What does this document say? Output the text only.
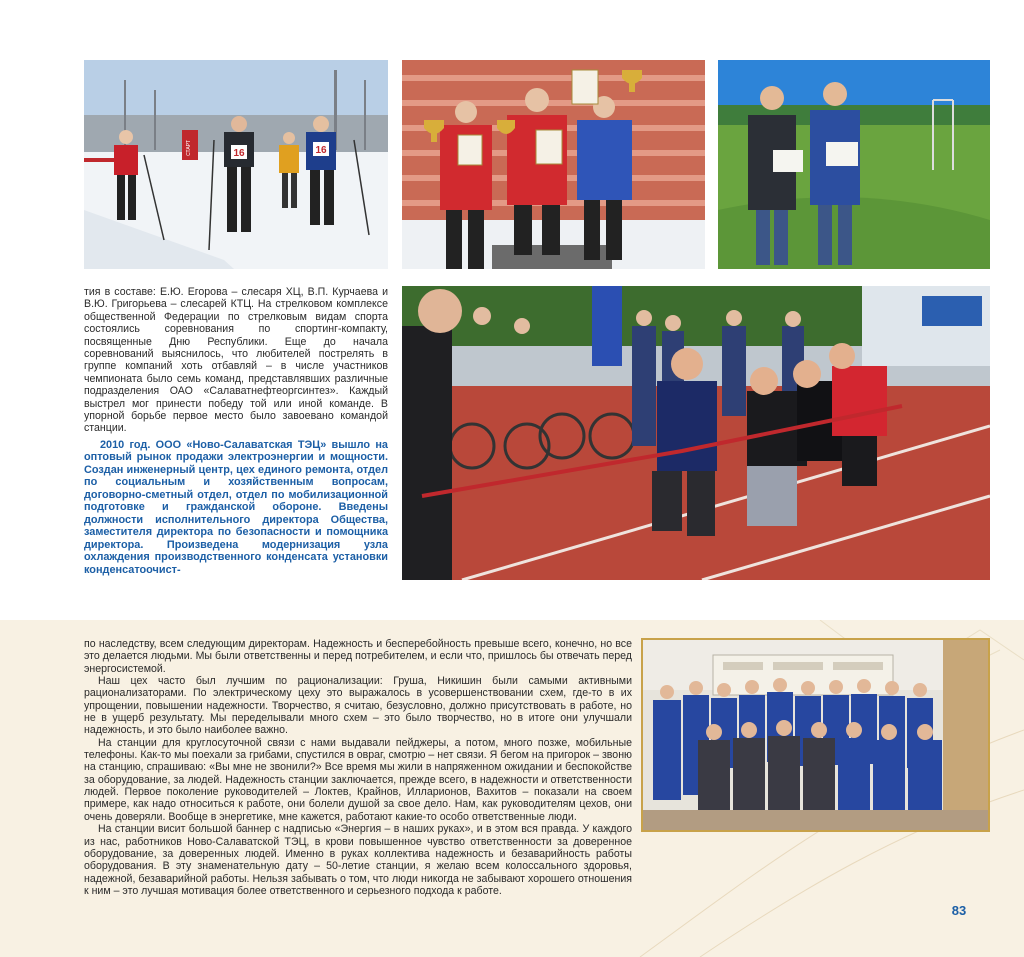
16	16
СТАРТ

тия в составе: Е.Ю. Егорова – слесаря ХЦ, В.П. Курчаева и В.Ю. Григорьева – слесарей КТЦ. На стрелковом комплексе общественной Федерации по стрелковым видам спорта состоялись соревнования по спортинг-компакту, посвященные Дню Республики. Еще до начала соревнований выяснилось, что любителей пострелять в группе компаний хоть отбавляй – в числе участников чемпионата было семь команд, представлявших различные подразделения ОАО «Салаватнефтеоргсинтез». Каждый выстрел мог принести победу той или иной команде. В упорной борьбе первое место было завоевано командой станции.

2010 год. ООО «Ново-Салаватская ТЭЦ» вышло на оптовый рынок продажи электроэнергии и мощности. Создан инженерный центр, цех единого ремонта, отдел по социальным и хозяйственным вопросам, договорно-сметный отдел, отдел по мобилизационной подготовке и гражданской обороне. Введены должности исполнительного директора Общества, заместителя директора по безопасности и помощника директора. Произведена модернизация узла охлаждения производственного конденсата установки конденсатоочист-

по наследству, всем следующим директорам. Надежность и бесперебойность превыше всего, конечно, но все это делается людьми. Мы были ответственны и перед потребителем, и если что, пришлось бы отвечать перед энергосистемой.

Наш цех часто был лучшим по рационализации: Груша, Никишин были самыми активными рационализаторами. По электрическому цеху это выражалось в усовершенствовании схем, где-то в их упрощении, повышении надежности. Творчество, я считаю, безусловно, должно присутствовать в работе, но не в ущерб результату. Мы переделывали много схем – это было творчество, но в итоге они улучшали надежность, и это было наиболее важно.

На станции для круглосуточной связи с нами выдавали пейджеры, а потом, много позже, мобильные телефоны. Как-то мы поехали за грибами, спустился в овраг, смотрю – нет связи. Я бегом на пригорок – звоню на станцию, спрашиваю: «Вы мне не звонили?» Все время мы жили в напряженном ожидании и беспокойстве за оборудование, за людей. Надежность станции заключается, прежде всего, в надежности и ответственности людей. Первое поколение руководителей – Локтев, Крайнов, Илларионов, Вахитов – показали на своем примере, как надо относиться к работе, они болели душой за свое дело. Нам, как руководителям цехов, они очень доверяли. Вообще в энергетике, мне кажется, работают какие-то особо ответственные люди.

На станции висит большой баннер с надписью «Энергия – в наших руках», и в этом вся правда. У каждого из нас, работников Ново-Салаватской ТЭЦ, в крови повышенное чувство ответственности за доверенное оборудование, за доверенных людей. Именно в руках коллектива надежность и безаварийность работы оборудования. В эту знаменательную дату – 50-летие станции, я желаю всем колоссального здоровья, надежной, безаварийной работы. Нельзя забывать о том, что люди никогда не забывают хорошего отношения к ним – это лучшая мотивация более ответственного и серьезного подхода к работе.

83
